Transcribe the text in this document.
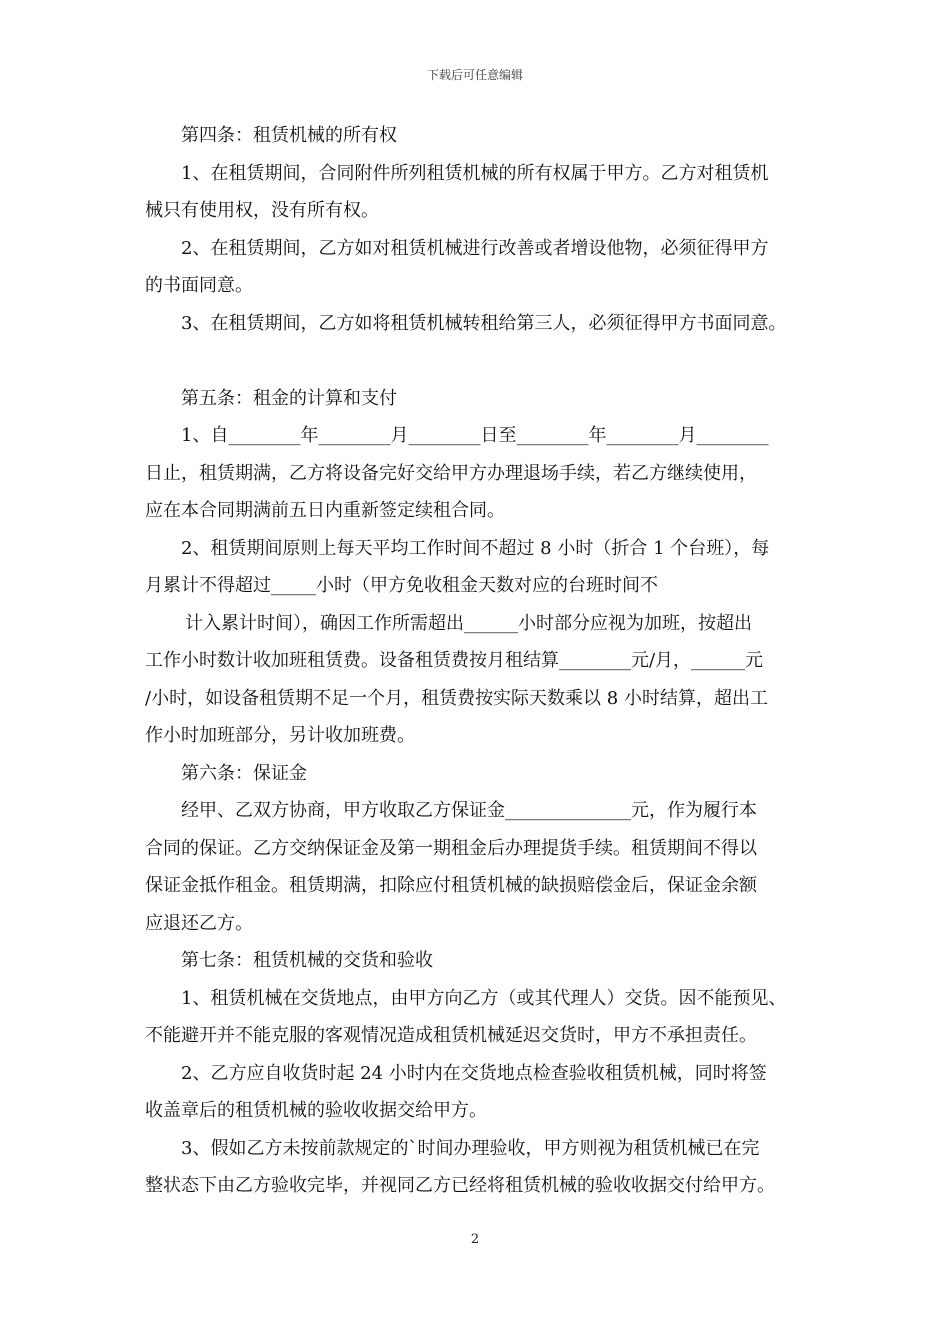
下载后可任意编辑
第四条：租赁机械的所有权
1、在租赁期间，合同附件所列租赁机械的所有权属于甲方。乙方对租赁机
械只有使用权，没有所有权。
2、在租赁期间，乙方如对租赁机械进行改善或者增设他物，必须征得甲方
的书面同意。
3、在租赁期间，乙方如将租赁机械转租给第三人，必须征得甲方书面同意。
第五条：租金的计算和支付
1、自________年________月________日至________年________月________
日止，租赁期满，乙方将设备完好交给甲方办理退场手续，若乙方继续使用，
应在本合同期满前五日内重新签定续租合同。
2、租赁期间原则上每天平均工作时间不超过 8 小时（折合 1 个台班），每
月累计不得超过_____小时（甲方免收租金天数对应的台班时间不
计入累计时间），确因工作所需超出______小时部分应视为加班，按超出
工作小时数计收加班租赁费。设备租赁费按月租结算________元/月，______元
/小时，如设备租赁期不足一个月，租赁费按实际天数乘以 8 小时结算，超出工
作小时加班部分，另计收加班费。
第六条：保证金
经甲、乙双方协商，甲方收取乙方保证金______________元，作为履行本
合同的保证。乙方交纳保证金及第一期租金后办理提货手续。租赁期间不得以
保证金抵作租金。租赁期满，扣除应付租赁机械的缺损赔偿金后，保证金余额
应退还乙方。
第七条：租赁机械的交货和验收
1、租赁机械在交货地点，由甲方向乙方（或其代理人）交货。因不能预见、
不能避开并不能克服的客观情况造成租赁机械延迟交货时，甲方不承担责任。
2、乙方应自收货时起 24 小时内在交货地点检查验收租赁机械，同时将签
收盖章后的租赁机械的验收收据交给甲方。
3、假如乙方未按前款规定的`时间办理验收，甲方则视为租赁机械已在完
整状态下由乙方验收完毕，并视同乙方已经将租赁机械的验收收据交付给甲方。
2
